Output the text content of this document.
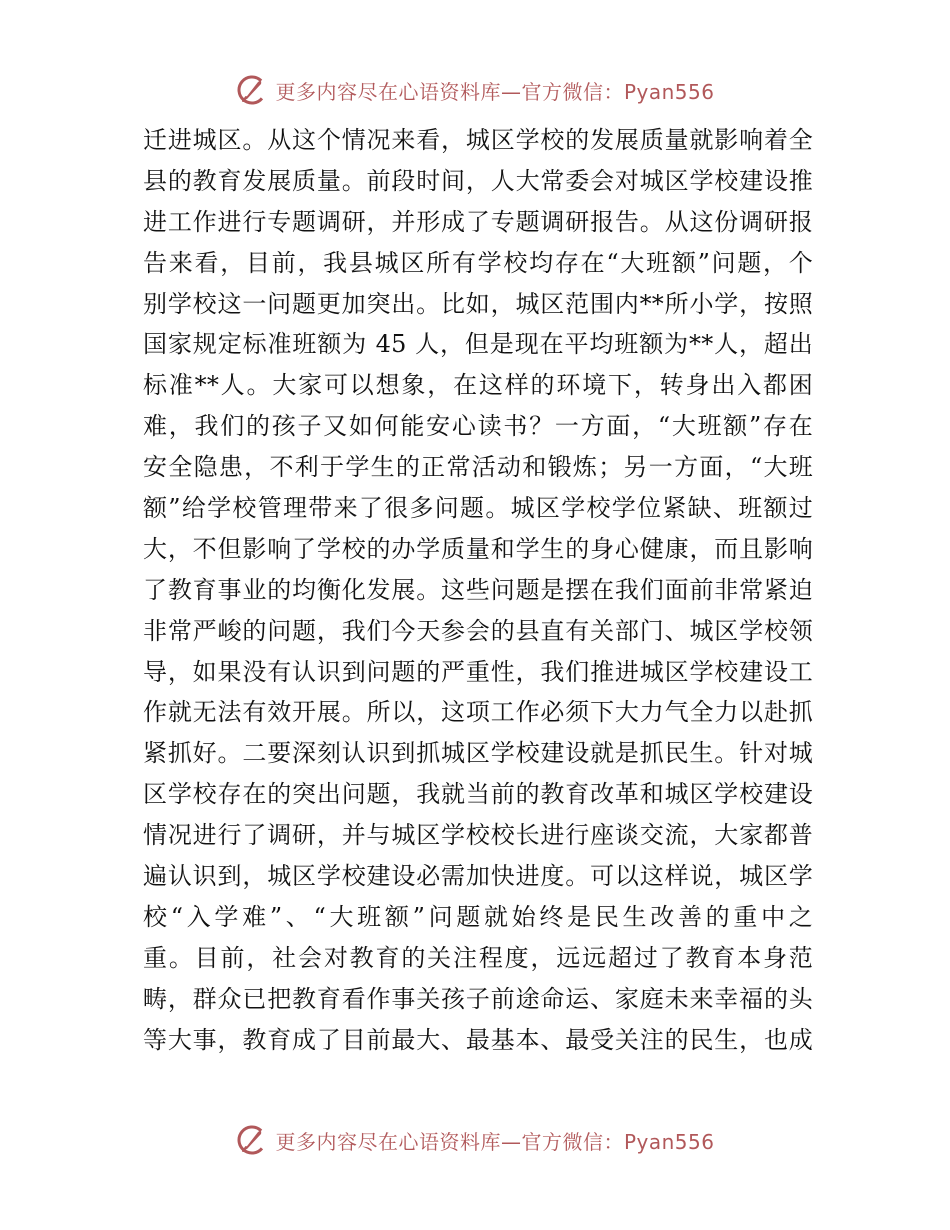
更多内容尽在心语资料库—官方微信：Pyan556
迁进城区。从这个情况来看，城区学校的发展质量就影响着全
县的教育发展质量。前段时间，人大常委会对城区学校建设推
进工作进行专题调研，并形成了专题调研报告。从这份调研报
告来看，目前，我县城区所有学校均存在“大班额”问题，个
别学校这一问题更加突出。比如，城区范围内**所小学，按照
国家规定标准班额为 45 人，但是现在平均班额为**人，超出
标准**人。大家可以想象，在这样的环境下，转身出入都困
难，我们的孩子又如何能安心读书？一方面，“大班额”存在
安全隐患，不利于学生的正常活动和锻炼；另一方面，“大班
额”给学校管理带来了很多问题。城区学校学位紧缺、班额过
大，不但影响了学校的办学质量和学生的身心健康，而且影响
了教育事业的均衡化发展。这些问题是摆在我们面前非常紧迫
非常严峻的问题，我们今天参会的县直有关部门、城区学校领
导，如果没有认识到问题的严重性，我们推进城区学校建设工
作就无法有效开展。所以，这项工作必须下大力气全力以赴抓
紧抓好。二要深刻认识到抓城区学校建设就是抓民生。针对城
区学校存在的突出问题，我就当前的教育改革和城区学校建设
情况进行了调研，并与城区学校校长进行座谈交流，大家都普
遍认识到，城区学校建设必需加快进度。可以这样说，城区学
校“入学难”、“大班额”问题就始终是民生改善的重中之
重。目前，社会对教育的关注程度，远远超过了教育本身范
畴，群众已把教育看作事关孩子前途命运、家庭未来幸福的头
等大事，教育成了目前最大、最基本、最受关注的民生，也成
更多内容尽在心语资料库—官方微信：Pyan556
